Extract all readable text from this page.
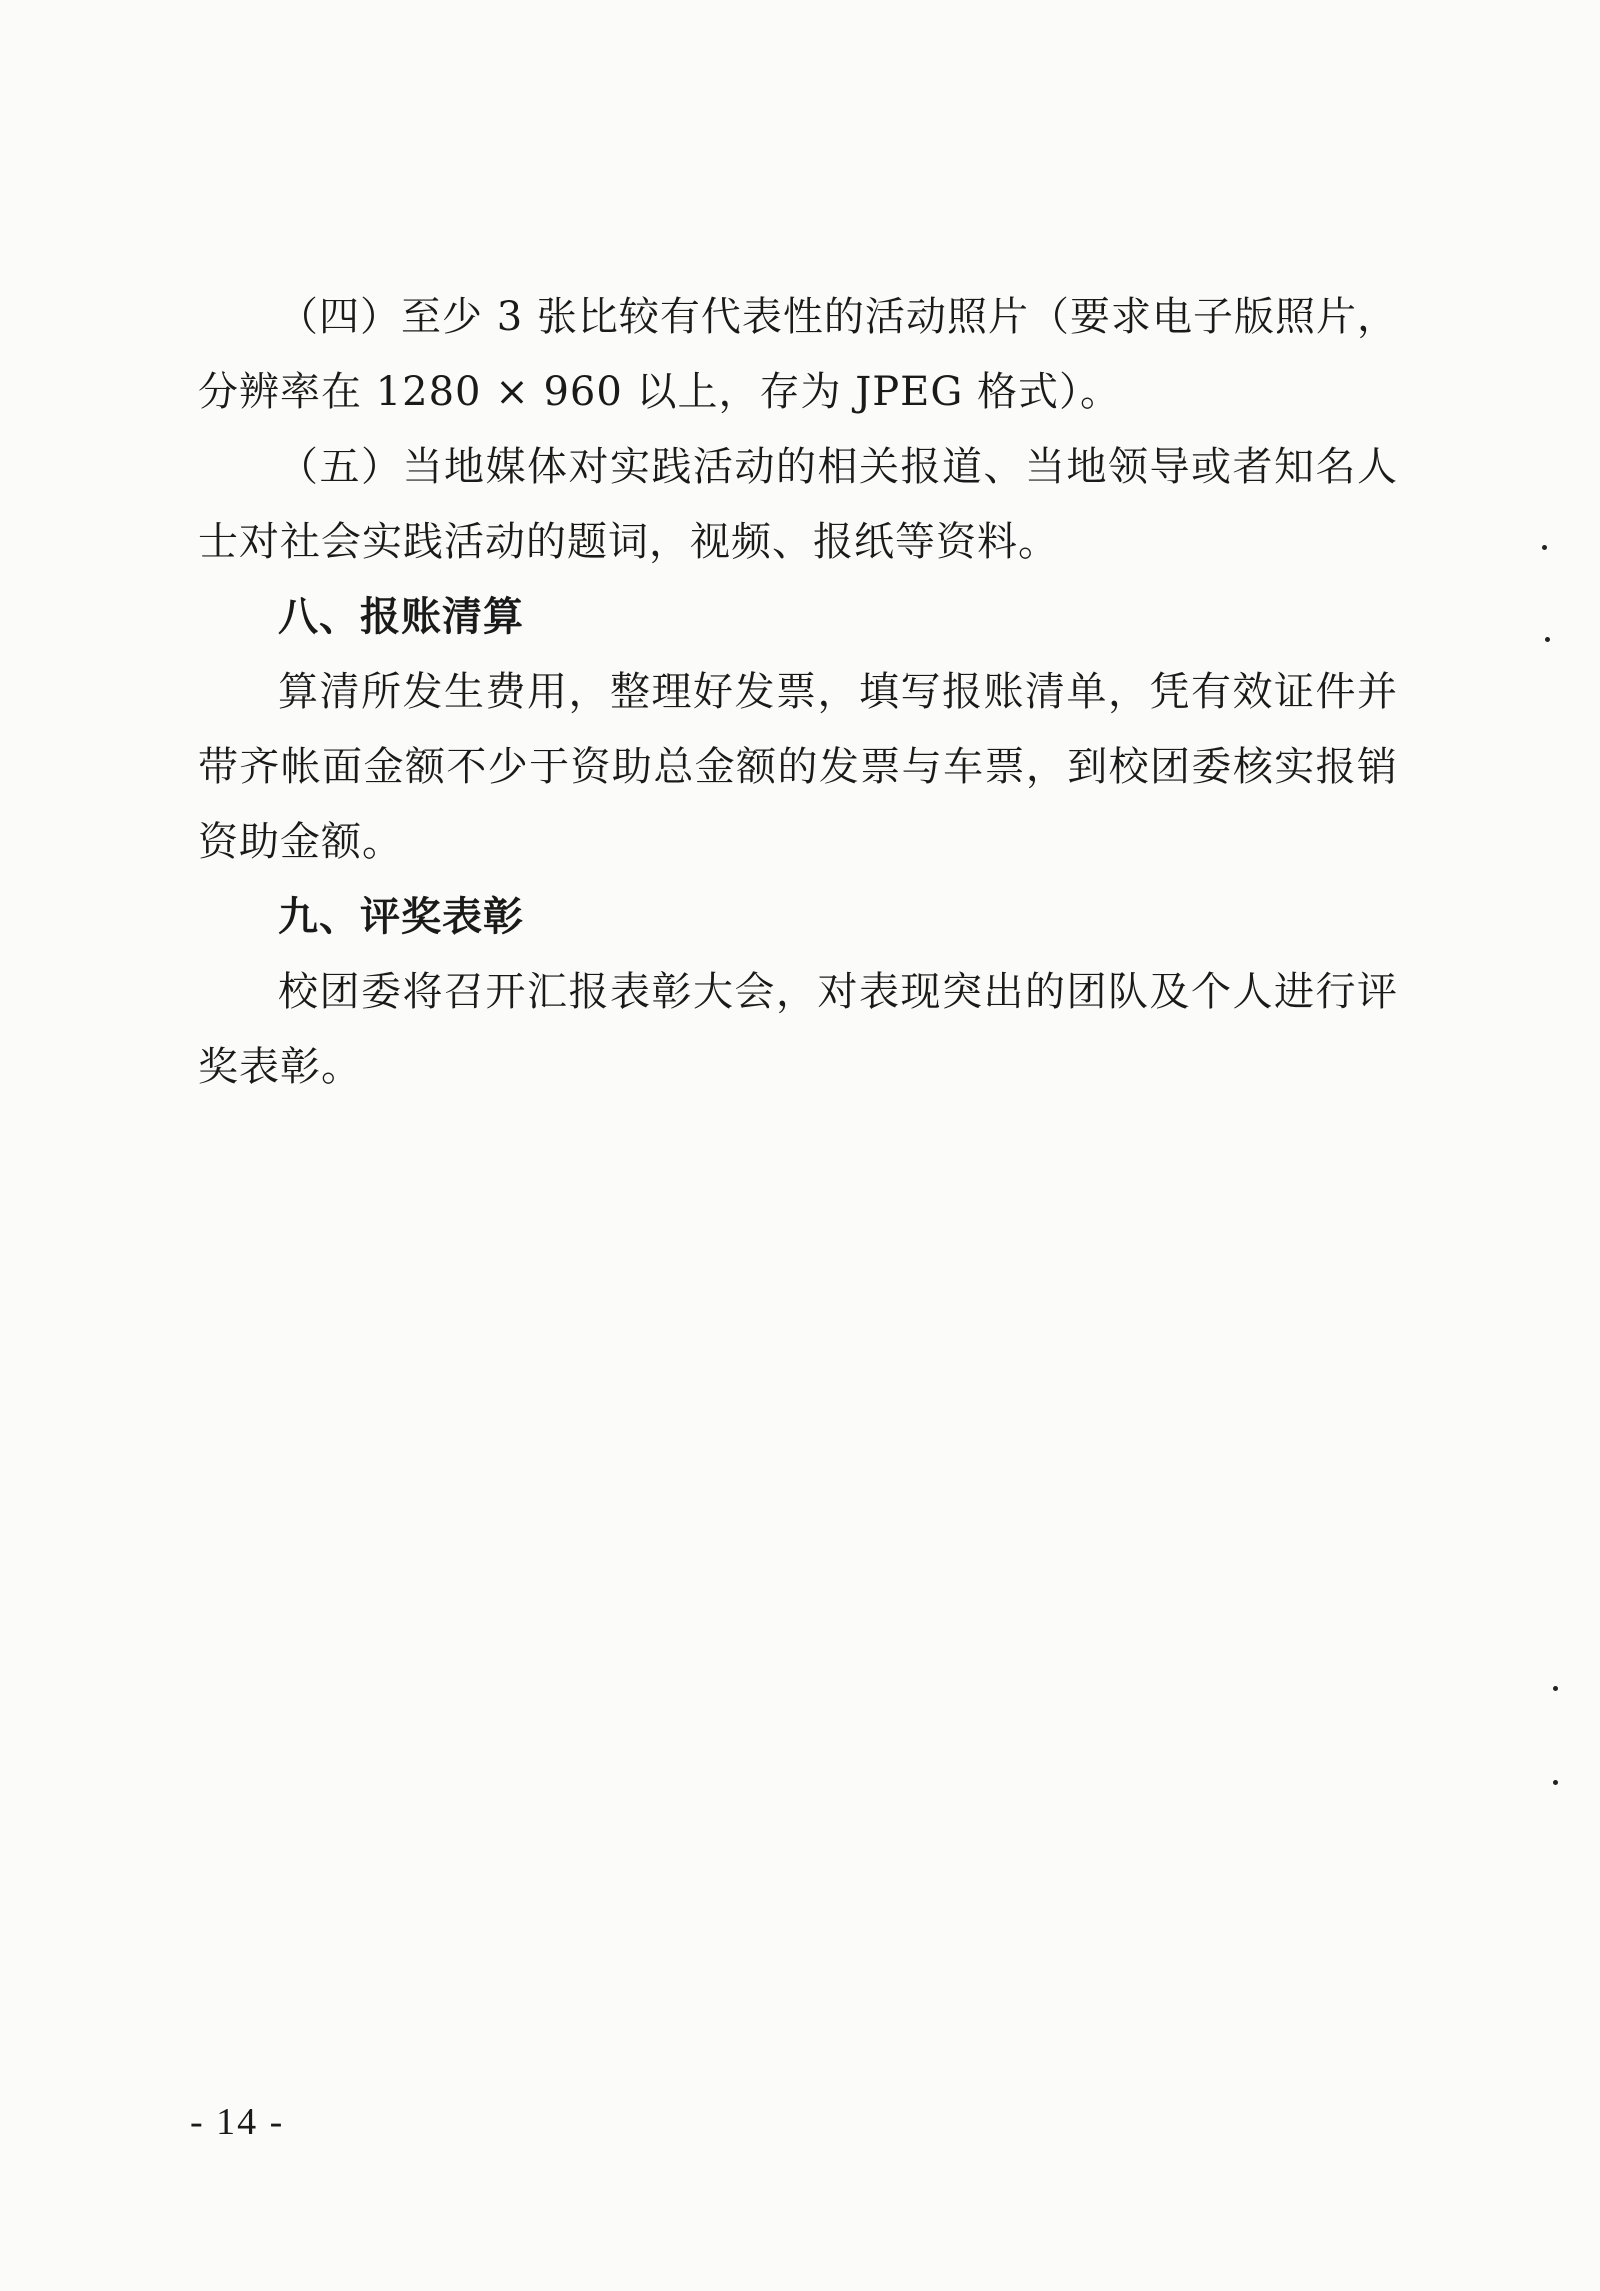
（四）至少 3 张比较有代表性的活动照片（要求电子版照片，分辨率在 1280 × 960 以上，存为 JPEG 格式）。

（五）当地媒体对实践活动的相关报道、当地领导或者知名人士对社会实践活动的题词，视频、报纸等资料。

八、报账清算

算清所发生费用，整理好发票，填写报账清单，凭有效证件并带齐帐面金额不少于资助总金额的发票与车票，到校团委核实报销资助金额。

九、评奖表彰

校团委将召开汇报表彰大会，对表现突出的团队及个人进行评奖表彰。

- 14 -
